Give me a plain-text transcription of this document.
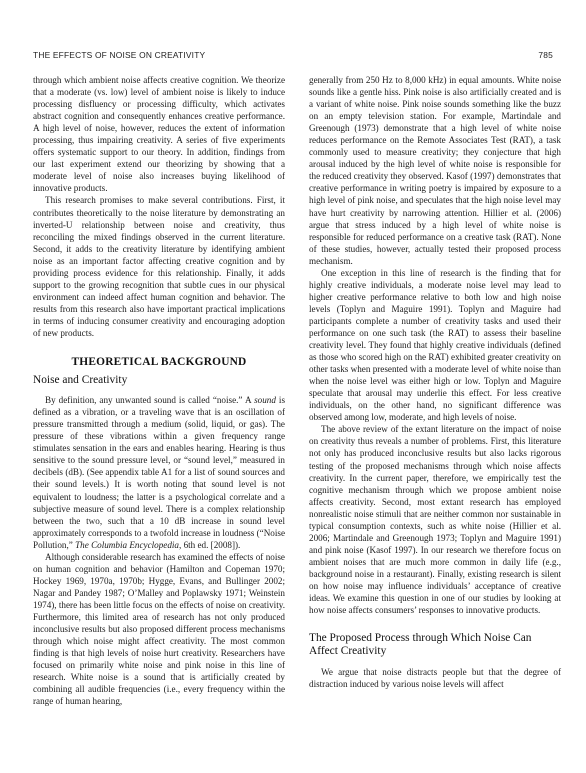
THE EFFECTS OF NOISE ON CREATIVITY	785

through which ambient noise affects creative cognition. We theorize that a moderate (vs. low) level of ambient noise is likely to induce processing disfluency or processing difficulty, which activates abstract cognition and consequently enhances creative performance. A high level of noise, however, reduces the extent of information processing, thus impairing creativity. A series of five experiments offers systematic support to our theory. In addition, findings from our last experiment extend our theorizing by showing that a moderate level of noise also increases buying likelihood of innovative products.

This research promises to make several contributions. First, it contributes theoretically to the noise literature by demonstrating an inverted-U relationship between noise and creativity, thus reconciling the mixed findings observed in the current literature. Second, it adds to the creativity literature by identifying ambient noise as an important factor affecting creative cognition and by providing process evidence for this relationship. Finally, it adds support to the growing recognition that subtle cues in our physical environment can indeed affect human cognition and behavior. The results from this research also have important practical implications in terms of inducing consumer creativity and encouraging adoption of new products.

THEORETICAL BACKGROUND
Noise and Creativity

By definition, any unwanted sound is called “noise.” A sound is defined as a vibration, or a traveling wave that is an oscillation of pressure transmitted through a medium (solid, liquid, or gas). The pressure of these vibrations within a given frequency range stimulates sensation in the ears and enables hearing. Hearing is thus sensitive to the sound pressure level, or “sound level,” measured in decibels (dB). (See appendix table A1 for a list of sound sources and their sound levels.) It is worth noting that sound level is not equivalent to loudness; the latter is a psychological correlate and a subjective measure of sound level. There is a complex relationship between the two, such that a 10 dB increase in sound level approximately corresponds to a twofold increase in loudness (“Noise Pollution,” The Columbia Encyclopedia, 6th ed. [2008]).

Although considerable research has examined the effects of noise on human cognition and behavior (Hamilton and Copeman 1970; Hockey 1969, 1970a, 1970b; Hygge, Evans, and Bullinger 2002; Nagar and Pandey 1987; O’Malley and Poplawsky 1971; Weinstein 1974), there has been little focus on the effects of noise on creativity. Furthermore, this limited area of research has not only produced inconclusive results but also proposed different process mechanisms through which noise might affect creativity. The most common finding is that high levels of noise hurt creativity. Researchers have focused on primarily white noise and pink noise in this line of research. White noise is a sound that is artificially created by combining all audible frequencies (i.e., every frequency within the range of human hearing,

generally from 250 Hz to 8,000 kHz) in equal amounts. White noise sounds like a gentle hiss. Pink noise is also artificially created and is a variant of white noise. Pink noise sounds something like the buzz on an empty television station. For example, Martindale and Greenough (1973) demonstrate that a high level of white noise reduces performance on the Remote Associates Test (RAT), a task commonly used to measure creativity; they conjecture that high arousal induced by the high level of white noise is responsible for the reduced creativity they observed. Kasof (1997) demonstrates that creative performance in writing poetry is impaired by exposure to a high level of pink noise, and speculates that the high noise level may have hurt creativity by narrowing attention. Hillier et al. (2006) argue that stress induced by a high level of white noise is responsible for reduced performance on a creative task (RAT). None of these studies, however, actually tested their proposed process mechanism.

One exception in this line of research is the finding that for highly creative individuals, a moderate noise level may lead to higher creative performance relative to both low and high noise levels (Toplyn and Maguire 1991). Toplyn and Maguire had participants complete a number of creativity tasks and used their performance on one such task (the RAT) to assess their baseline creativity level. They found that highly creative individuals (defined as those who scored high on the RAT) exhibited greater creativity on other tasks when presented with a moderate level of white noise than when the noise level was either high or low. Toplyn and Maguire speculate that arousal may underlie this effect. For less creative individuals, on the other hand, no significant difference was observed among low, moderate, and high levels of noise.

The above review of the extant literature on the impact of noise on creativity thus reveals a number of problems. First, this literature not only has produced inconclusive results but also lacks rigorous testing of the proposed mechanisms through which noise affects creativity. In the current paper, therefore, we empirically test the cognitive mechanism through which we propose ambient noise affects creativity. Second, most extant research has employed nonrealistic noise stimuli that are neither common nor sustainable in typical consumption contexts, such as white noise (Hillier et al. 2006; Martindale and Greenough 1973; Toplyn and Maguire 1991) and pink noise (Kasof 1997). In our research we therefore focus on ambient noises that are much more common in daily life (e.g., background noise in a restaurant). Finally, existing research is silent on how noise may influence individuals’ acceptance of creative ideas. We examine this question in one of our studies by looking at how noise affects consumers’ responses to innovative products.

The Proposed Process through Which Noise Can Affect Creativity

We argue that noise distracts people but that the degree of distraction induced by various noise levels will affect
